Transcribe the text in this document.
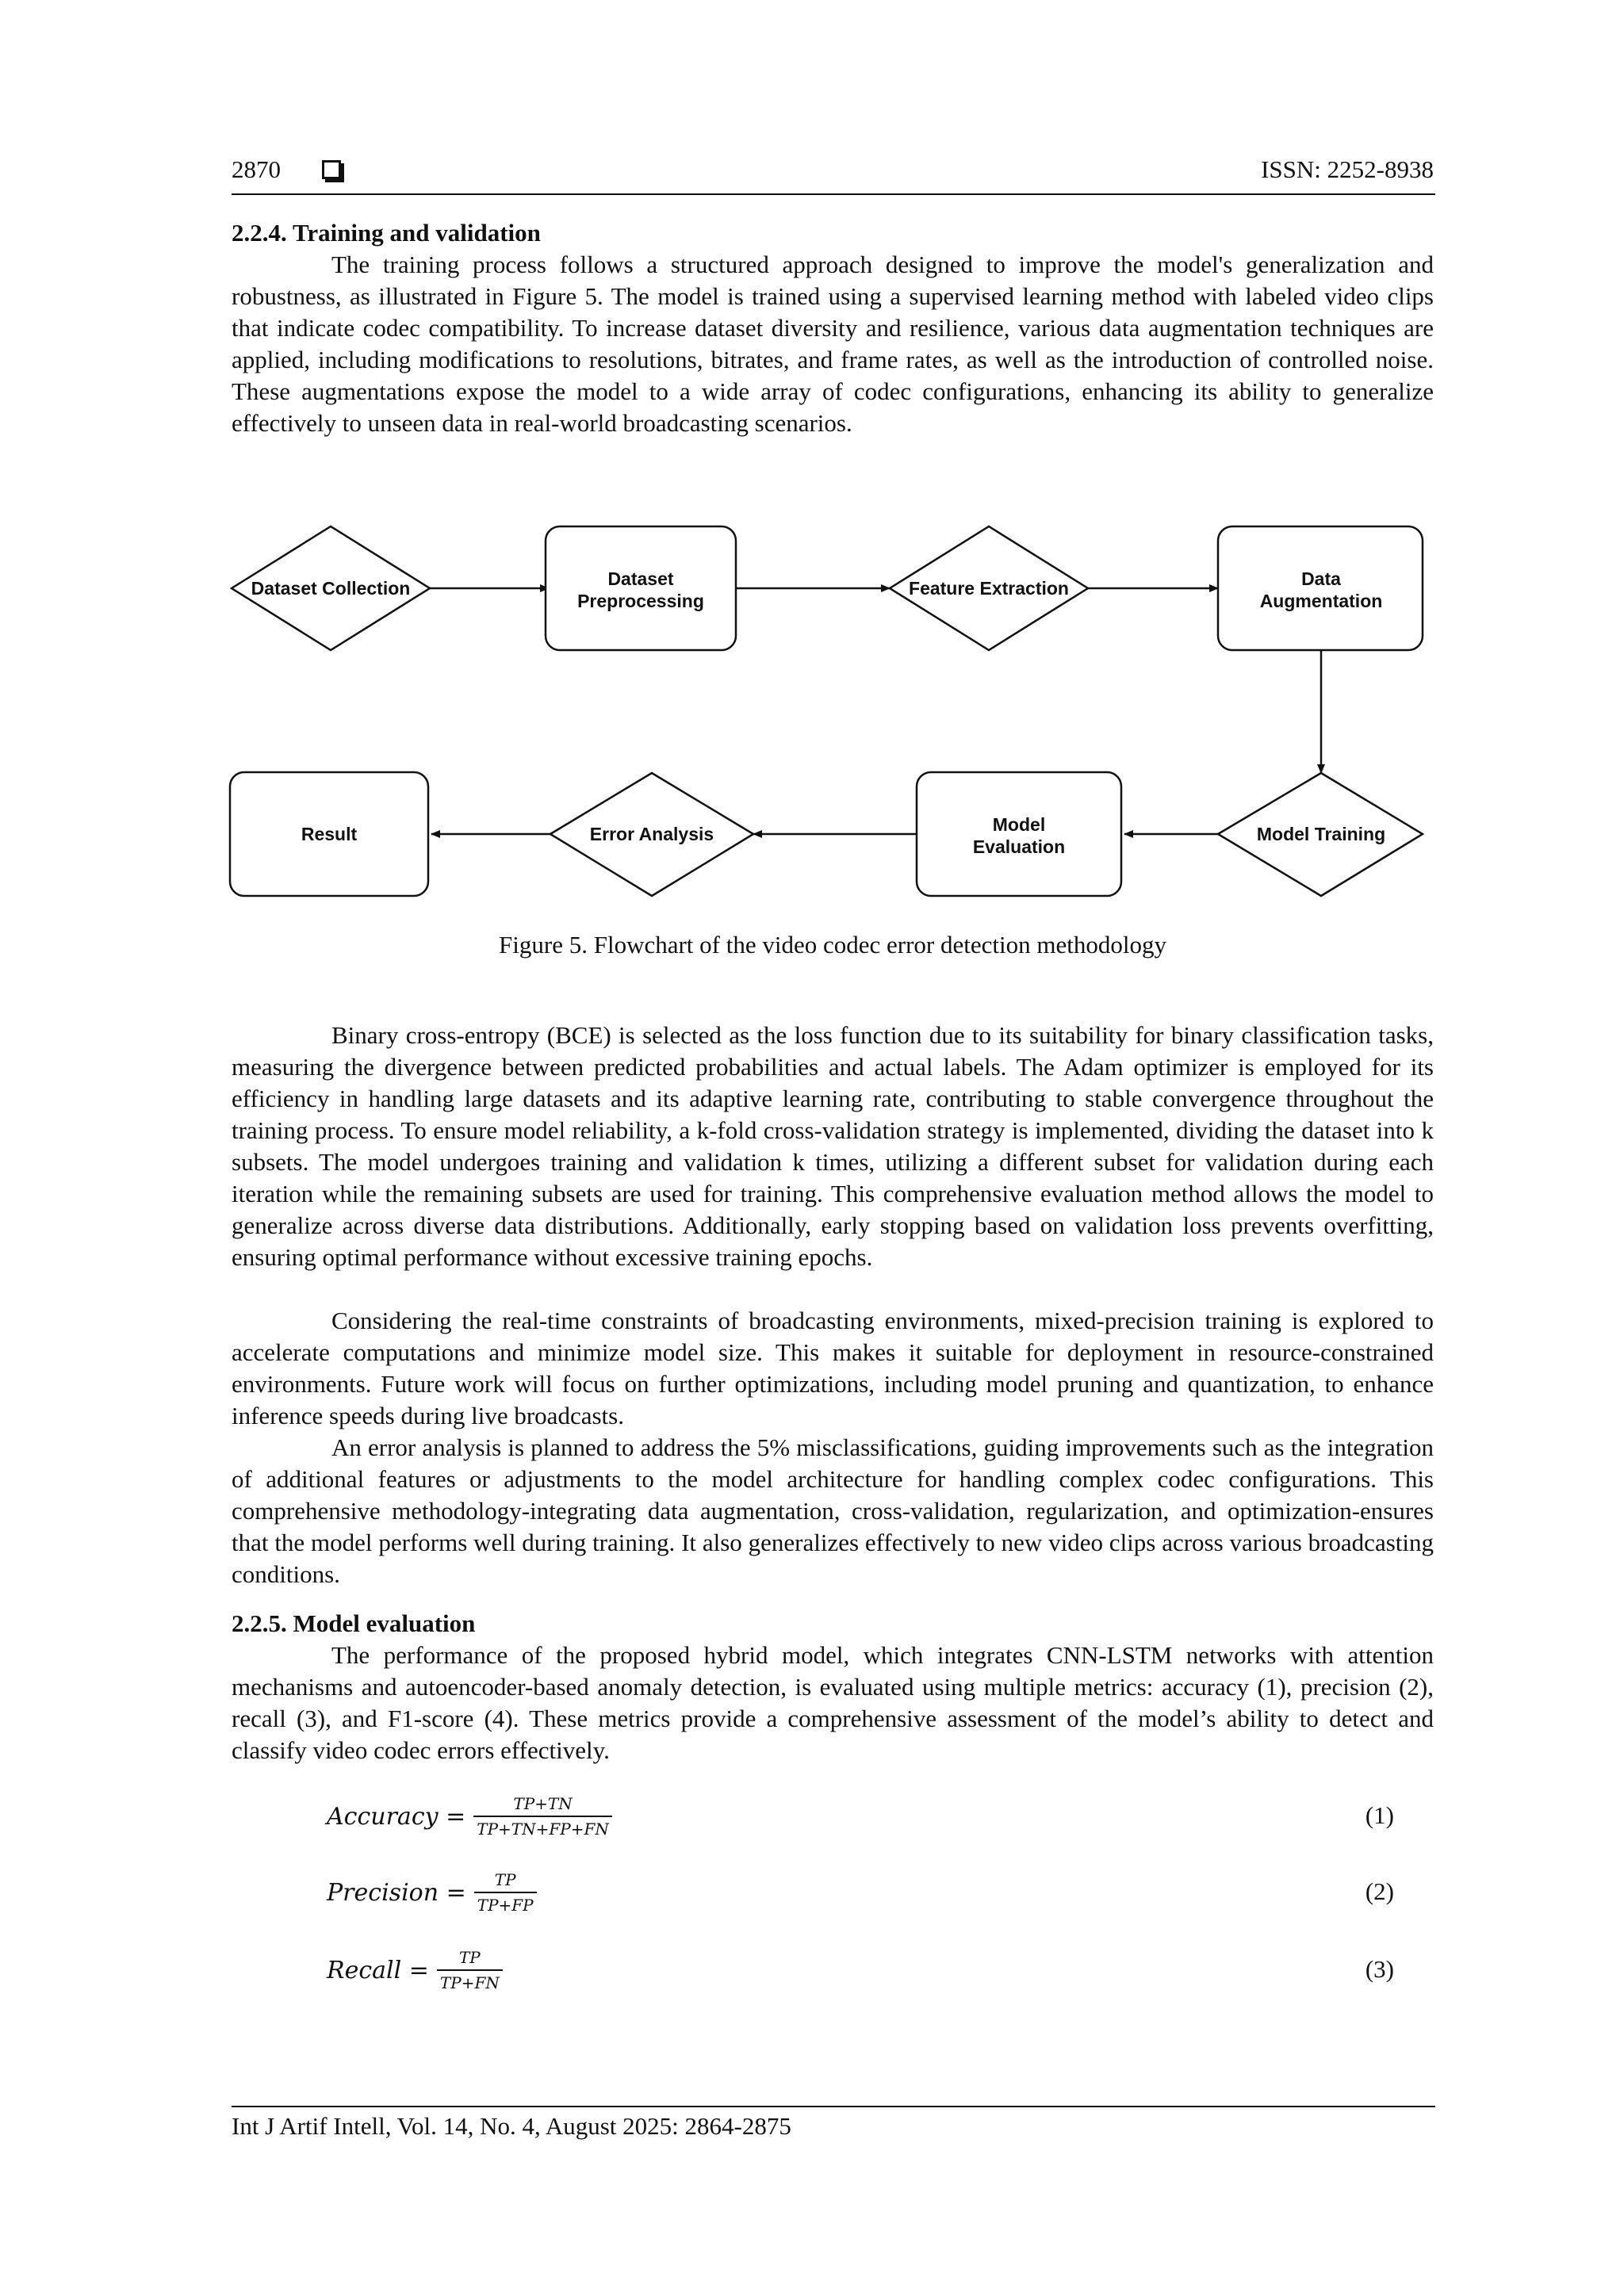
2870	ISSN: 2252-8938
2.2.4. Training and validation

The training process follows a structured approach designed to improve the model's generalization and robustness, as illustrated in Figure 5. The model is trained using a supervised learning method with labeled video clips that indicate codec compatibility. To increase dataset diversity and resilience, various data augmentation techniques are applied, including modifications to resolutions, bitrates, and frame rates, as well as the introduction of controlled noise. These augmentations expose the model to a wide array of codec configurations, enhancing its ability to generalize effectively to unseen data in real-world broadcasting scenarios.

Dataset Collection	Dataset
Preprocessing
Feature Extraction	Data
Augmentation
Model Training
Model
Evaluation
Error Analysis
Result

Figure 5. Flowchart of the video codec error detection methodology

Binary cross-entropy (BCE) is selected as the loss function due to its suitability for binary classification tasks, measuring the divergence between predicted probabilities and actual labels. The Adam optimizer is employed for its efficiency in handling large datasets and its adaptive learning rate, contributing to stable convergence throughout the training process. To ensure model reliability, a k-fold cross-validation strategy is implemented, dividing the dataset into k subsets. The model undergoes training and validation k times, utilizing a different subset for validation during each iteration while the remaining subsets are used for training. This comprehensive evaluation method allows the model to generalize across diverse data distributions. Additionally, early stopping based on validation loss prevents overfitting, ensuring optimal performance without excessive training epochs.

Considering the real-time constraints of broadcasting environments, mixed-precision training is explored to accelerate computations and minimize model size. This makes it suitable for deployment in resource-constrained environments. Future work will focus on further optimizations, including model pruning and quantization, to enhance inference speeds during live broadcasts.

An error analysis is planned to address the 5% misclassifications, guiding improvements such as the integration of additional features or adjustments to the model architecture for handling complex codec configurations. This comprehensive methodology-integrating data augmentation, cross-validation, regularization, and optimization-ensures that the model performs well during training. It also generalizes effectively to new video clips across various broadcasting conditions.

2.2.5. Model evaluation

The performance of the proposed hybrid model, which integrates CNN-LSTM networks with attention mechanisms and autoencoder-based anomaly detection, is evaluated using multiple metrics: accuracy (1), precision (2), recall (3), and F1-score (4). These metrics provide a comprehensive assessment of the model’s ability to detect and classify video codec errors effectively.

Accuracy = $\frac{TP+TN}{TP+TN+FP+FN}$	(1)
Precision = $\frac{TP}{TP+FP}$	(2)
Recall = $\frac{TP}{TP+FN}$	(3)
Int J Artif Intell, Vol. 14, No. 4, August 2025: 2864-2875
